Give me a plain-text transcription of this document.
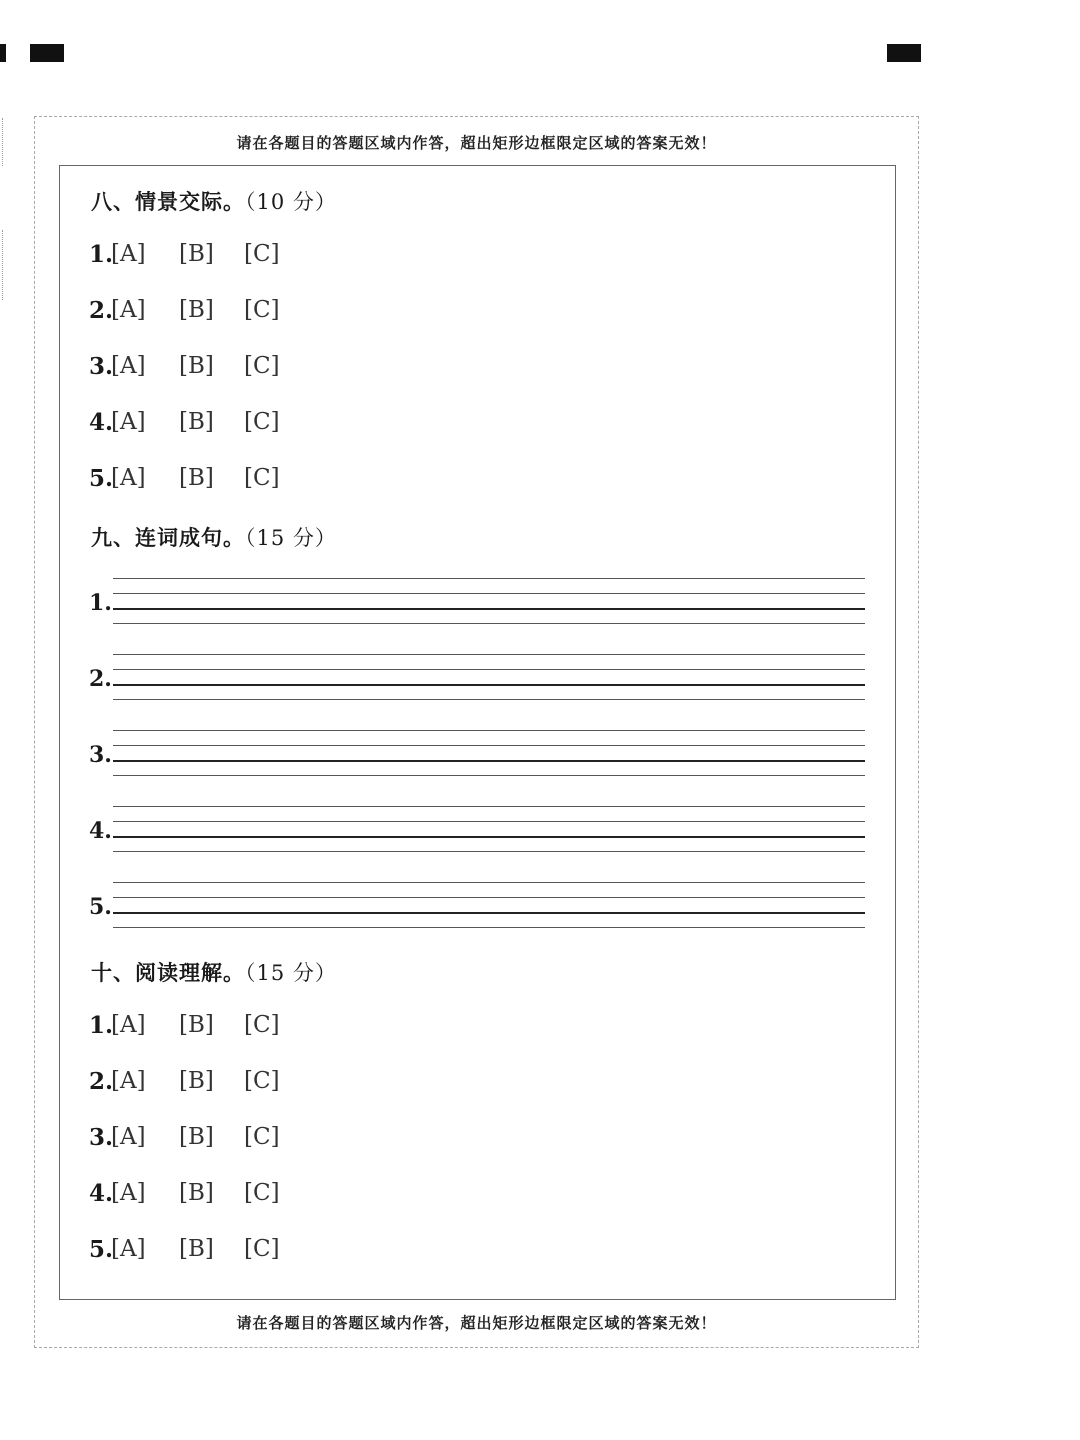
请在各题目的答题区域内作答，超出矩形边框限定区域的答案无效！
八、情景交际。（10 分）
1.
[A] [B] [C]
2.
[A] [B] [C]
3.
[A] [B] [C]
4.
[A] [B] [C]
5.
[A] [B] [C]
九、连词成句。（15 分）
1.
2.
3.
4.
5.
十、阅读理解。（15 分）
1.
[A] [B] [C]
2.
[A] [B] [C]
3.
[A] [B] [C]
4.
[A] [B] [C]
5.
[A] [B] [C]
请在各题目的答题区域内作答，超出矩形边框限定区域的答案无效！
